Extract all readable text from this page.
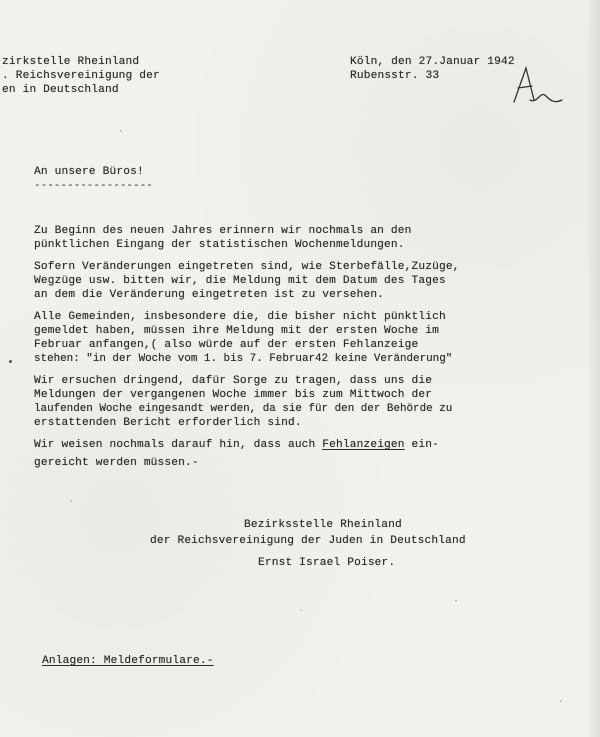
zirkstelle Rheinland
. Reichsvereinigung der
en in Deutschland
Köln, den 27.Januar 1942
Rubensstr. 33
An unsere Büros!
------------------
Zu Beginn des neuen Jahres erinnern wir nochmals an den
pünktlichen Eingang der statistischen Wochenmeldungen.
Sofern Veränderungen eingetreten sind, wie Sterbefälle,Zuzüge,
Wegzüge usw. bitten wir, die Meldung mit dem Datum des Tages
an dem die Veränderung eingetreten ist zu versehen.
Alle Gemeinden, insbesondere die, die bisher nicht pünktlich
gemeldet haben, müssen ihre Meldung mit der ersten Woche im
Februar anfangen,( also würde auf der ersten Fehlanzeige
stehen: "in der Woche vom 1. bis 7. Februar42 keine Veränderung"
Wir ersuchen dringend, dafür Sorge zu tragen, dass uns die
Meldungen der vergangenen Woche immer bis zum Mittwoch der
laufenden Woche eingesandt werden, da sie für den der Behörde zu
erstattenden Bericht erforderlich sind.
Wir weisen nochmals darauf hin, dass auch Fehlanzeigen ein-
gereicht werden müssen.-
Bezirksstelle Rheinland
der Reichsvereinigung der Juden in Deutschland
Ernst Israel Poiser.
Anlagen: Meldeformulare.-
